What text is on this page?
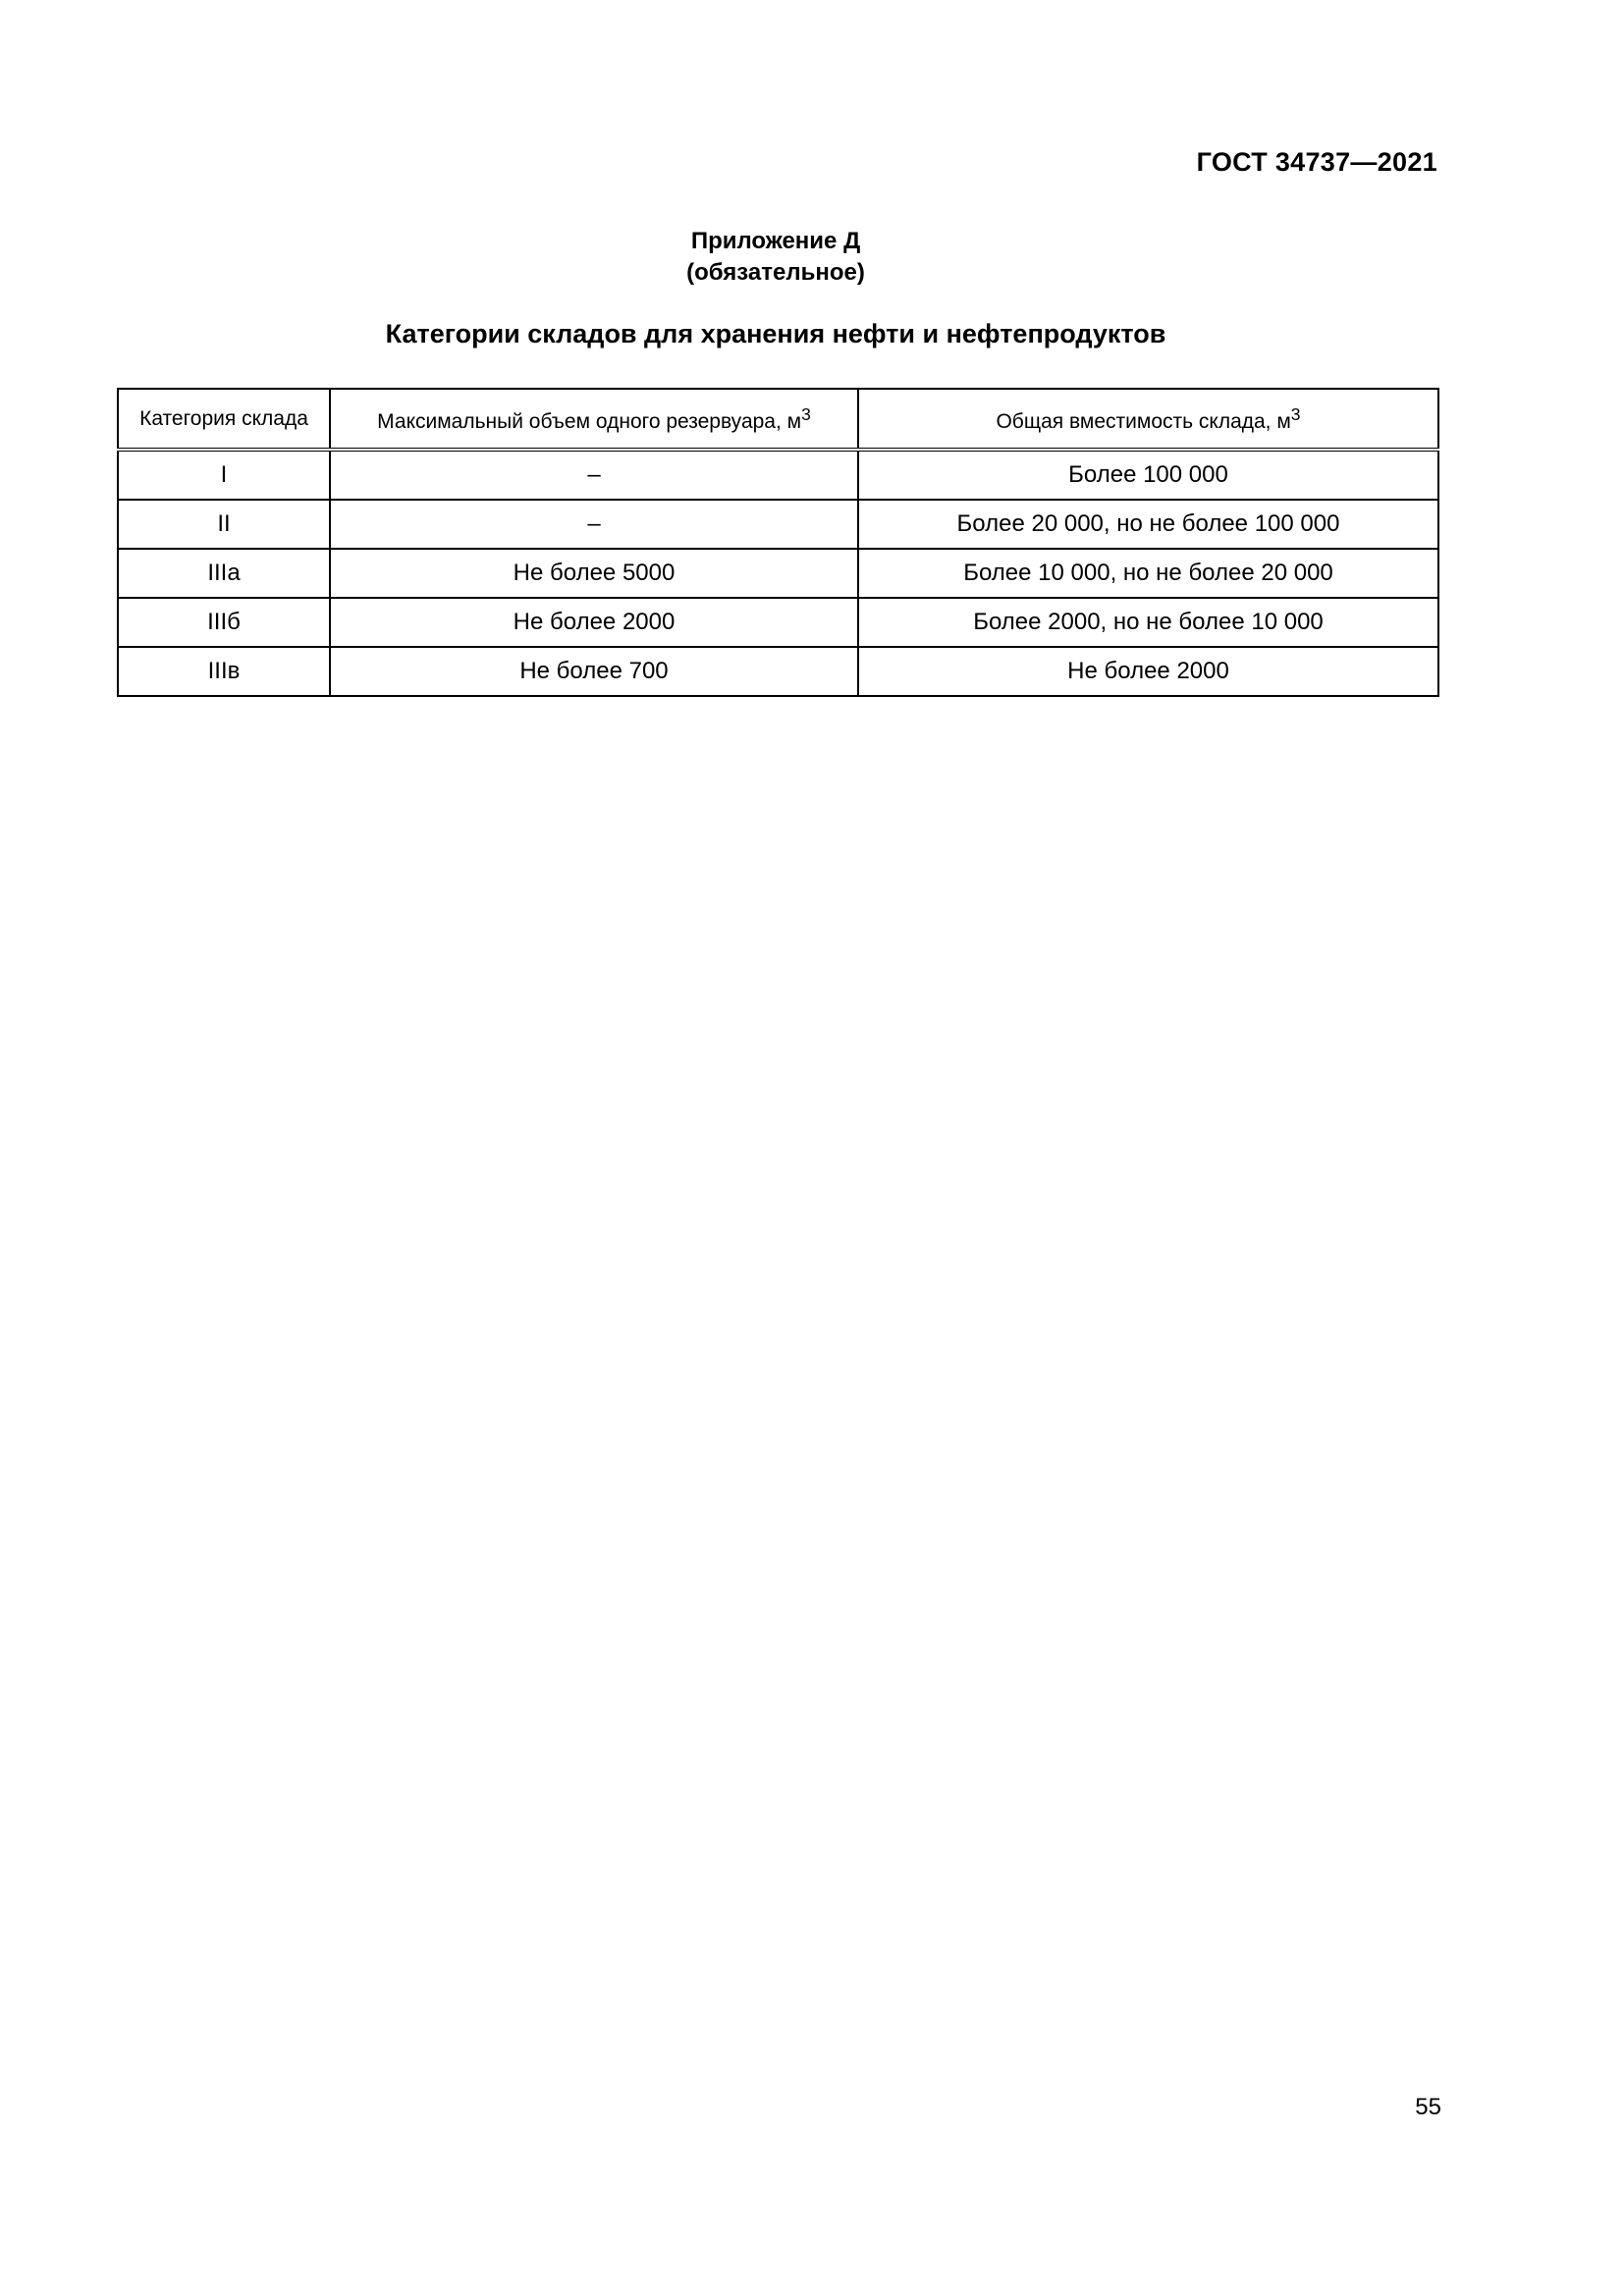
ГОСТ 34737—2021
Приложение Д
(обязательное)
Категории складов для хранения нефти и нефтепродуктов
Категория склада	Максимальный объем одного резервуара, $м^3$	Общая вместимость склада, $м^3$
I	–	Более 100 000
II	–	Более 20 000, но не более 100 000
IIIа	Не более 5000	Более 10 000, но не более 20 000
IIIб	Не более 2000	Более 2000, но не более 10 000
IIIв	Не более 700	Не более 2000
55
